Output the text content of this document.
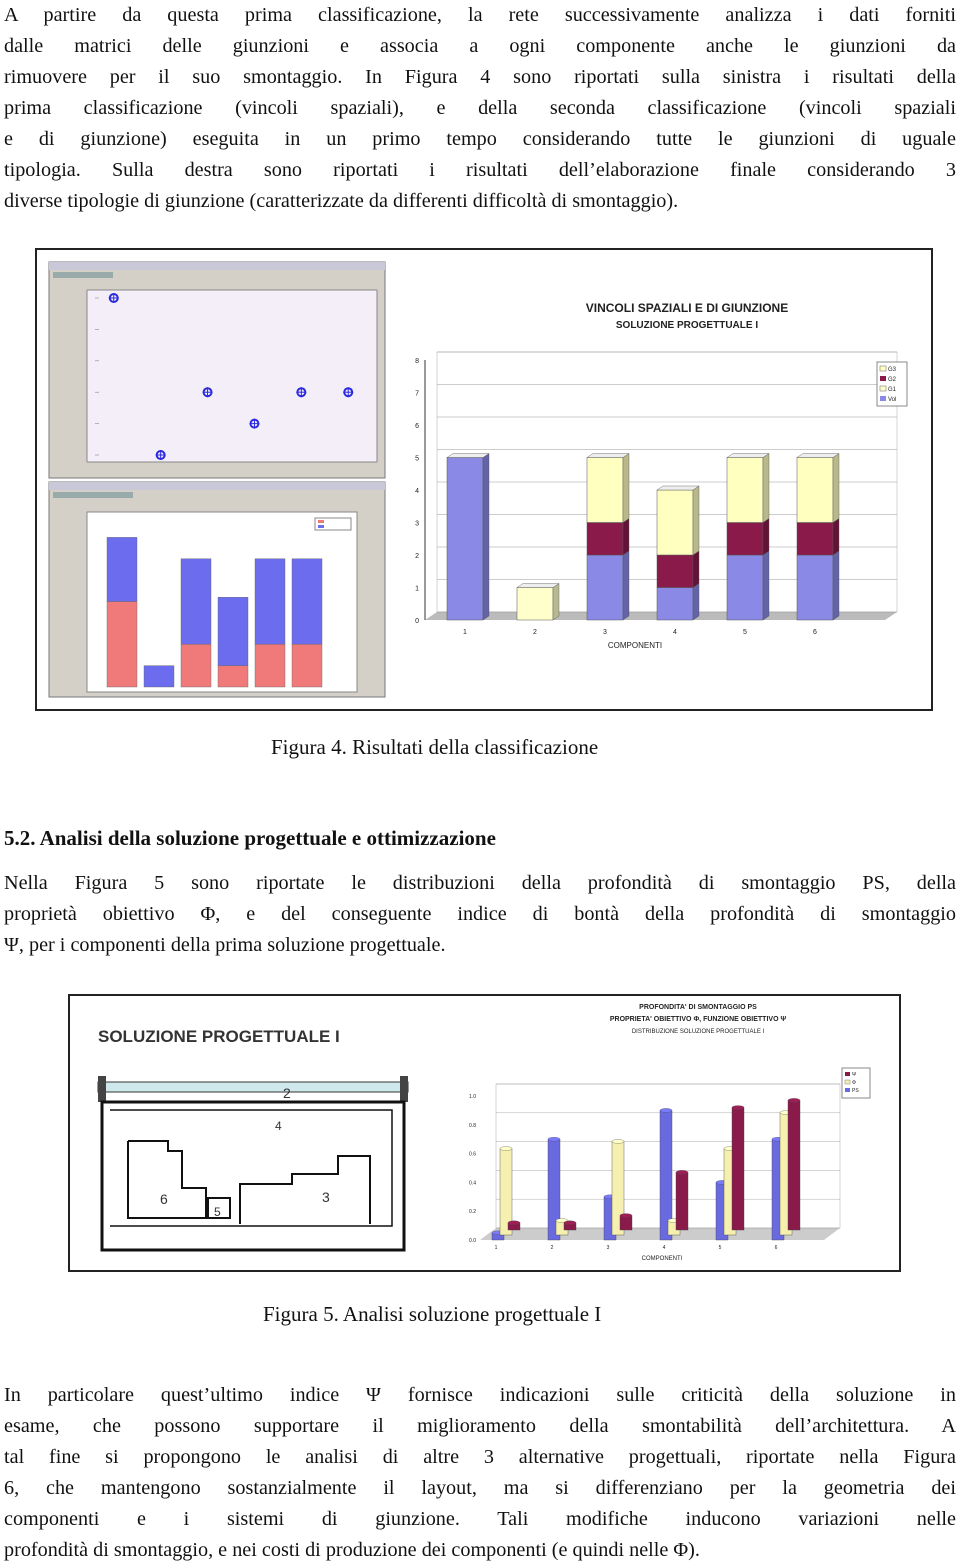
A partire da questa prima classificazione, la rete successivamente analizza i dati forniti
dalle matrici delle giunzioni e associa a ogni componente anche le giunzioni da
rimuovere per il suo smontaggio. In Figura 4 sono riportati sulla sinistra i risultati della
prima classificazione (vincoli spaziali), e della seconda classificazione (vincoli spaziali
e di giunzione) eseguita in un primo tempo considerando tutte le giunzioni di uguale
tipologia. Sulla destra sono riportati i risultati dell’elaborazione finale considerando 3
diverse tipologie di giunzione (caratterizzate da differenti difficoltà di smontaggio).
VINCOLI SPAZIALI E DI GIUNZIONE
SOLUZIONE PROGETTUALE I
0
1
2
3
4
5
6
7
8
1	2	3	4	5	6
COMPONENTI
G3
G2
G1
Vol
Figura 4. Risultati della classificazione
5.2. Analisi della soluzione progettuale e ottimizzazione
Nella Figura 5 sono riportate le distribuzioni della profondità di smontaggio PS, della
proprietà obiettivo Φ, e del conseguente indice di bontà della profondità di smontaggio
Ψ, per i componenti della prima soluzione progettuale.
SOLUZIONE PROGETTUALE I
2
4
6
5
3
PROFONDITA' DI SMONTAGGIO PS
PROPRIETA' OBIETTIVO Φ, FUNZIONE OBIETTIVO Ψ
DISTRIBUZIONE SOLUZIONE PROGETTUALE I
0.0
0.2
0.4
0.6
0.8
1.0
1	2	3	4	5	6
COMPONENTI
Ψ
Φ
PS
Figura 5. Analisi soluzione progettuale I
In particolare quest’ultimo indice Ψ fornisce indicazioni sulle criticità della soluzione in
esame, che possono supportare il miglioramento della smontabilità dell’architettura. A
tal fine si propongono le analisi di altre 3 alternative progettuali, riportate nella Figura
6, che mantengono sostanzialmente il layout, ma si differenziano per la geometria dei
componenti e i sistemi di giunzione. Tali modifiche inducono variazioni nelle
profondità di smontaggio, e nei costi di produzione dei componenti (e quindi nelle Φ).
